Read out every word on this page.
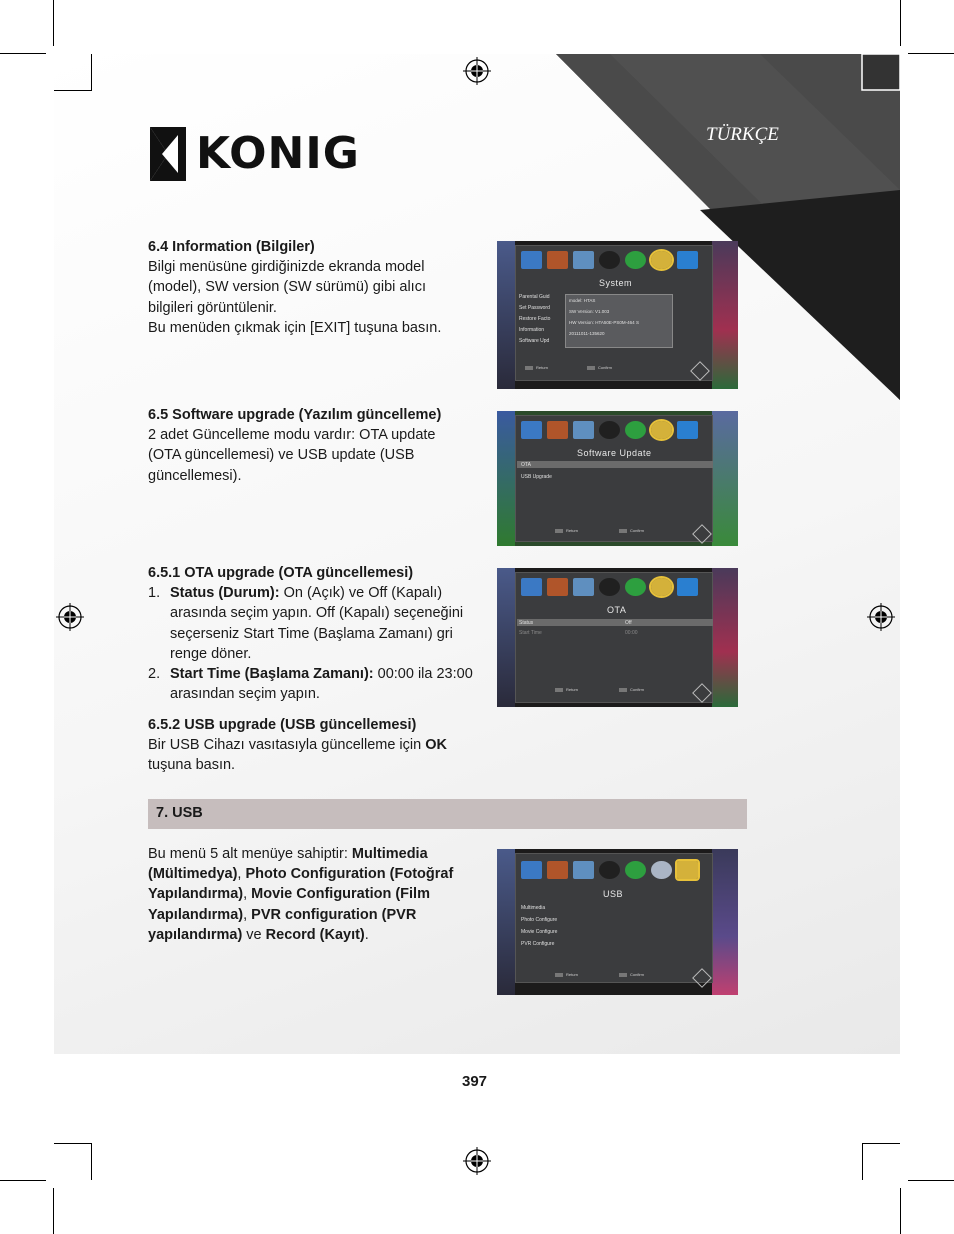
TÜRKÇE
KONIG

6.4 Information (Bilgiler)

Bilgi menüsüne girdiğinizde ekranda model

(model), SW version (SW sürümü) gibi alıcı

bilgileri görüntülenir.

Bu menüden çıkmak için [EXIT] tuşuna basın.

6.5 Software upgrade (Yazılım güncelleme)

2 adet Güncelleme modu vardır: OTA update

(OTA güncellemesi) ve USB update (USB

güncellemesi).

6.5.1 OTA upgrade (OTA güncellemesi)

1. Status (Durum): On (Açık) ve Off (Kapalı)

arasında seçim yapın. Off (Kapalı) seçeneğini

seçerseniz Start Time (Başlama Zamanı) gri

renge döner.

2. Start Time (Başlama Zamanı): 00:00 ila 23:00

arasından seçim yapın.

6.5.2 USB upgrade (USB güncellemesi)

Bir USB Cihazı vasıtasıyla güncelleme için OK

tuşuna basın.

7. USB

Bu menü 5 alt menüye sahiptir: Multimedia

(Mültimedya), Photo Configuration (Fotoğraf

Yapılandırma), Movie Configuration (Film

Yapılandırma), PVR configuration (PVR

yapılandırma) ve Record (Kayıt).

System
Parental Guid
Set Password
Restore Facto
Information
Software Upd
model: HTAS
SW Version: V1.003
HW Version: HTA50E-PS0M-464 S
20111011-135620
Return	Confirm
Software Update
OTA
USB Upgrade
Return	Confirm
OTA
Status	Off
Start Time	00:00
Return	Confirm
USB
Multimedia
Photo Configure
Movie Configure
PVR Configure
Return	Confirm
397
